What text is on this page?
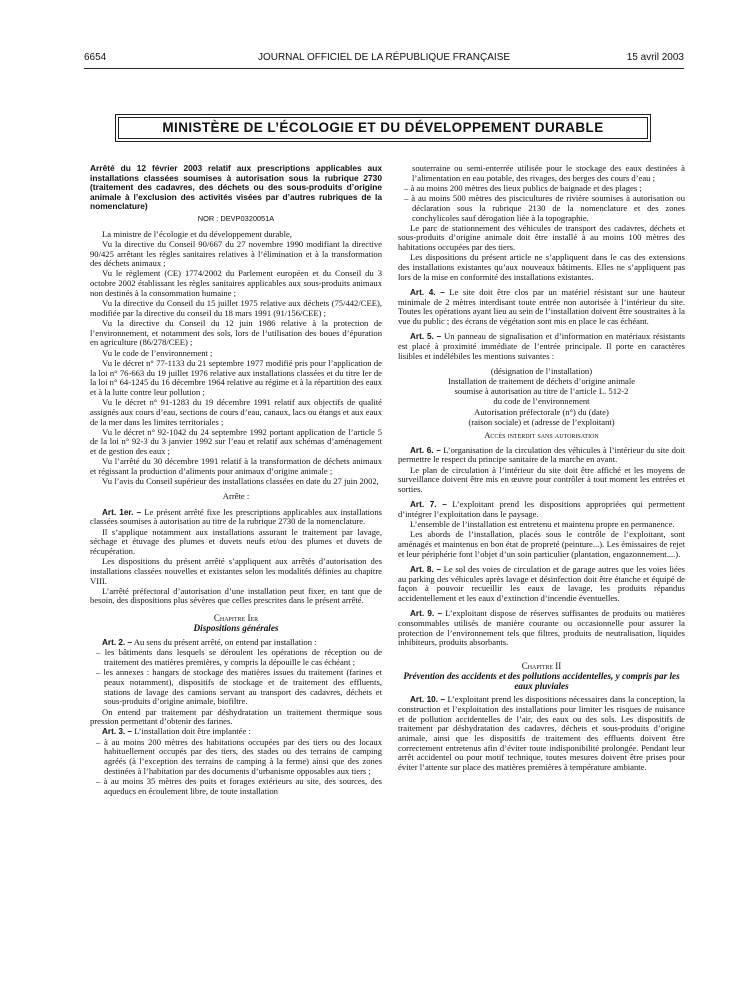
6654	JOURNAL OFFICIEL DE LA RÉPUBLIQUE FRANÇAISE	15 avril 2003
MINISTÈRE DE L’ÉCOLOGIE ET DU DÉVELOPPEMENT DURABLE

Arrêté du 12 février 2003 relatif aux prescriptions applicables aux installations classées soumises à autorisation sous la rubrique 2730 (traitement des cadavres, des déchets ou des sous-produits d’origine animale à l’exclusion des activités visées par d’autres rubriques de la nomenclature)

NOR : DEVP0320051A

La ministre de l’écologie et du développement durable,

Vu la directive du Conseil 90/667 du 27 novembre 1990 modifiant la directive 90/425 arrêtant les règles sanitaires relatives à l’élimination et à la transformation des déchets animaux ;

Vu le règlement (CE) 1774/2002 du Parlement européen et du Conseil du 3 octobre 2002 établissant les règles sanitaires applicables aux sous-produits animaux non destinés à la consommation humaine ;

Vu la directive du Conseil du 15 juillet 1975 relative aux déchets (75/442/CEE), modifiée par la directive du conseil du 18 mars 1991 (91/156/CEE) ;

Vu la directive du Conseil du 12 juin 1986 relative à la protection de l’environnement, et notamment des sols, lors de l’utilisation des boues d’épuration en agriculture (86/278/CEE) ;

Vu le code de l’environnement ;

Vu le décret n° 77-1133 du 21 septembre 1977 modifié pris pour l’application de la loi n° 76-663 du 19 juillet 1976 relative aux installations classées et du titre Ier de la loi n° 64-1245 du 16 décembre 1964 relative au régime et à la répartition des eaux et à la lutte contre leur pollution ;

Vu le décret n° 91-1283 du 19 décembre 1991 relatif aux objectifs de qualité assignés aux cours d’eau, sections de cours d’eau, canaux, lacs ou étangs et aux eaux de la mer dans les limites territoriales ;

Vu le décret n° 92-1042 du 24 septembre 1992 portant application de l’article 5 de la loi n° 92-3 du 3 janvier 1992 sur l’eau et relatif aux schémas d’aménagement et de gestion des eaux ;

Vu l’arrêté du 30 décembre 1991 relatif à la transformation de déchets animaux et régissant la production d’aliments pour animaux d’origine animale ;

Vu l’avis du Conseil supérieur des installations classées en date du 27 juin 2002,

Arrête :

Art. 1er. – Le présent arrêté fixe les prescriptions applicables aux installations classées soumises à autorisation au titre de la rubrique 2730 de la nomenclature.

Il s’applique notamment aux installations assurant le traitement par lavage, séchage et étuvage des plumes et duvets neufs et/ou des plumes et duvets de récupération.

Les dispositions du présent arrêté s’appliquent aux arrêtés d’autorisation des installations classées nouvelles et existantes selon les modalités définies au chapitre VIII.

L’arrêté préfectoral d’autorisation d’une installation peut fixer, en tant que de besoin, des dispositions plus sévères que celles prescrites dans le présent arrêté.

Chapitre Ier

Dispositions générales

Art. 2. – Au sens du présent arrêté, on entend par installation :

– les bâtiments dans lesquels se déroulent les opérations de réception ou de traitement des matières premières, y compris la dépouille le cas échéant ;

– les annexes : hangars de stockage des matières issues du traitement (farines et peaux notamment), dispositifs de stockage et de traitement des effluents, stations de lavage des camions servant au transport des cadavres, déchets et sous-produits d’origine animale, biofiltre.

On entend par traitement par déshydratation un traitement thermique sous pression permettant d’obtenir des farines.

Art. 3. – L’installation doit être implantée :

– à au moins 200 mètres des habitations occupées par des tiers ou des locaux habituellement occupés par des tiers, des stades ou des terrains de camping agréés (à l’exception des terrains de camping à la ferme) ainsi que des zones destinées à l’habitation par des documents d’urbanisme opposables aux tiers ;

– à au moins 35 mètres des puits et forages extérieurs au site, des sources, des aqueducs en écoulement libre, de toute installation

souterraine ou semi-enterrée utilisée pour le stockage des eaux destinées à l’alimentation en eau potable, des rivages, des berges des cours d’eau ;

– à au moins 200 mètres des lieux publics de baignade et des plages ;

– à au moins 500 mètres des piscicultures de rivière soumises à autorisation ou déclaration sous la rubrique 2130 de la nomenclature et des zones conchylicoles sauf dérogation liée à la topographie.

Le parc de stationnement des véhicules de transport des cadavres, déchets et sous-produits d’origine animale doit être installé à au moins 100 mètres des habitations occupées par des tiers.

Les dispositions du présent article ne s’appliquent dans le cas des extensions des installations existantes qu’aux nouveaux bâtiments. Elles ne s’appliquent pas lors de la mise en conformité des installations existantes.

Art. 4. – Le site doit être clos par un matériel résistant sur une hauteur minimale de 2 mètres interdisant toute entrée non autorisée à l’intérieur du site. Toutes les opérations ayant lieu au sein de l’installation doivent être soustraites à la vue du public ; des écrans de végétation sont mis en place le cas échéant.

Art. 5. – Un panneau de signalisation et d’information en matériaux résistants est placé à proximité immédiate de l’entrée principale. Il porte en caractères lisibles et indélébiles les mentions suivantes :

(désignation de l’installation)

Installation de traitement de déchets d’origine animale

soumise à autorisation au titre de l’article L. 512-2

du code de l’environnement

Autorisation préfectorale (n°) du (date)

(raison sociale) et (adresse de l’exploitant)

Accès interdit sans autorisation

Art. 6. – L’organisation de la circulation des véhicules à l’intérieur du site doit permettre le respect du principe sanitaire de la marche en avant.

Le plan de circulation à l’intérieur du site doit être affiché et les moyens de surveillance doivent être mis en œuvre pour contrôler à tout moment les entrées et sorties.

Art. 7. – L’exploitant prend les dispositions appropriées qui permettent d’intégrer l’exploitation dans le paysage.

L’ensemble de l’installation est entretenu et maintenu propre en permanence.

Les abords de l’installation, placés sous le contrôle de l’exploitant, sont aménagés et maintenus en bon état de propreté (peinture...). Les émissaires de rejet et leur périphérie font l’objet d’un soin particulier (plantation, engazonnement....).

Art. 8. – Le sol des voies de circulation et de garage autres que les voies liées au parking des véhicules après lavage et désinfection doit être étanche et équipé de façon à pouvoir recueillir les eaux de lavage, les produits répandus accidentellement et les eaux d’extinction d’incendie éventuelles.

Art. 9. – L’exploitant dispose de réserves suffisantes de produits ou matières consommables utilisés de manière courante ou occasionnelle pour assurer la protection de l’environnement tels que filtres, produits de neutralisation, liquides inhibiteurs, produits absorbants.

Chapitre II

Prévention des accidents et des pollutions accidentelles, y compris par les eaux pluviales

Art. 10. – L’exploitant prend les dispositions nécessaires dans la conception, la construction et l’exploitation des installations pour limiter les risques de nuisance et de pollution accidentelles de l’air, des eaux ou des sols. Les dispositifs de traitement par déshydratation des cadavres, déchets et sous-produits d’origine animale, ainsi que les dispositifs de traitement des effluents doivent être correctement entretenus afin d’éviter toute indisponibilité prolongée. Pendant leur arrêt accidentel ou pour motif technique, toutes mesures doivent être prises pour éviter l’attente sur place des matières premières à température ambiante.
